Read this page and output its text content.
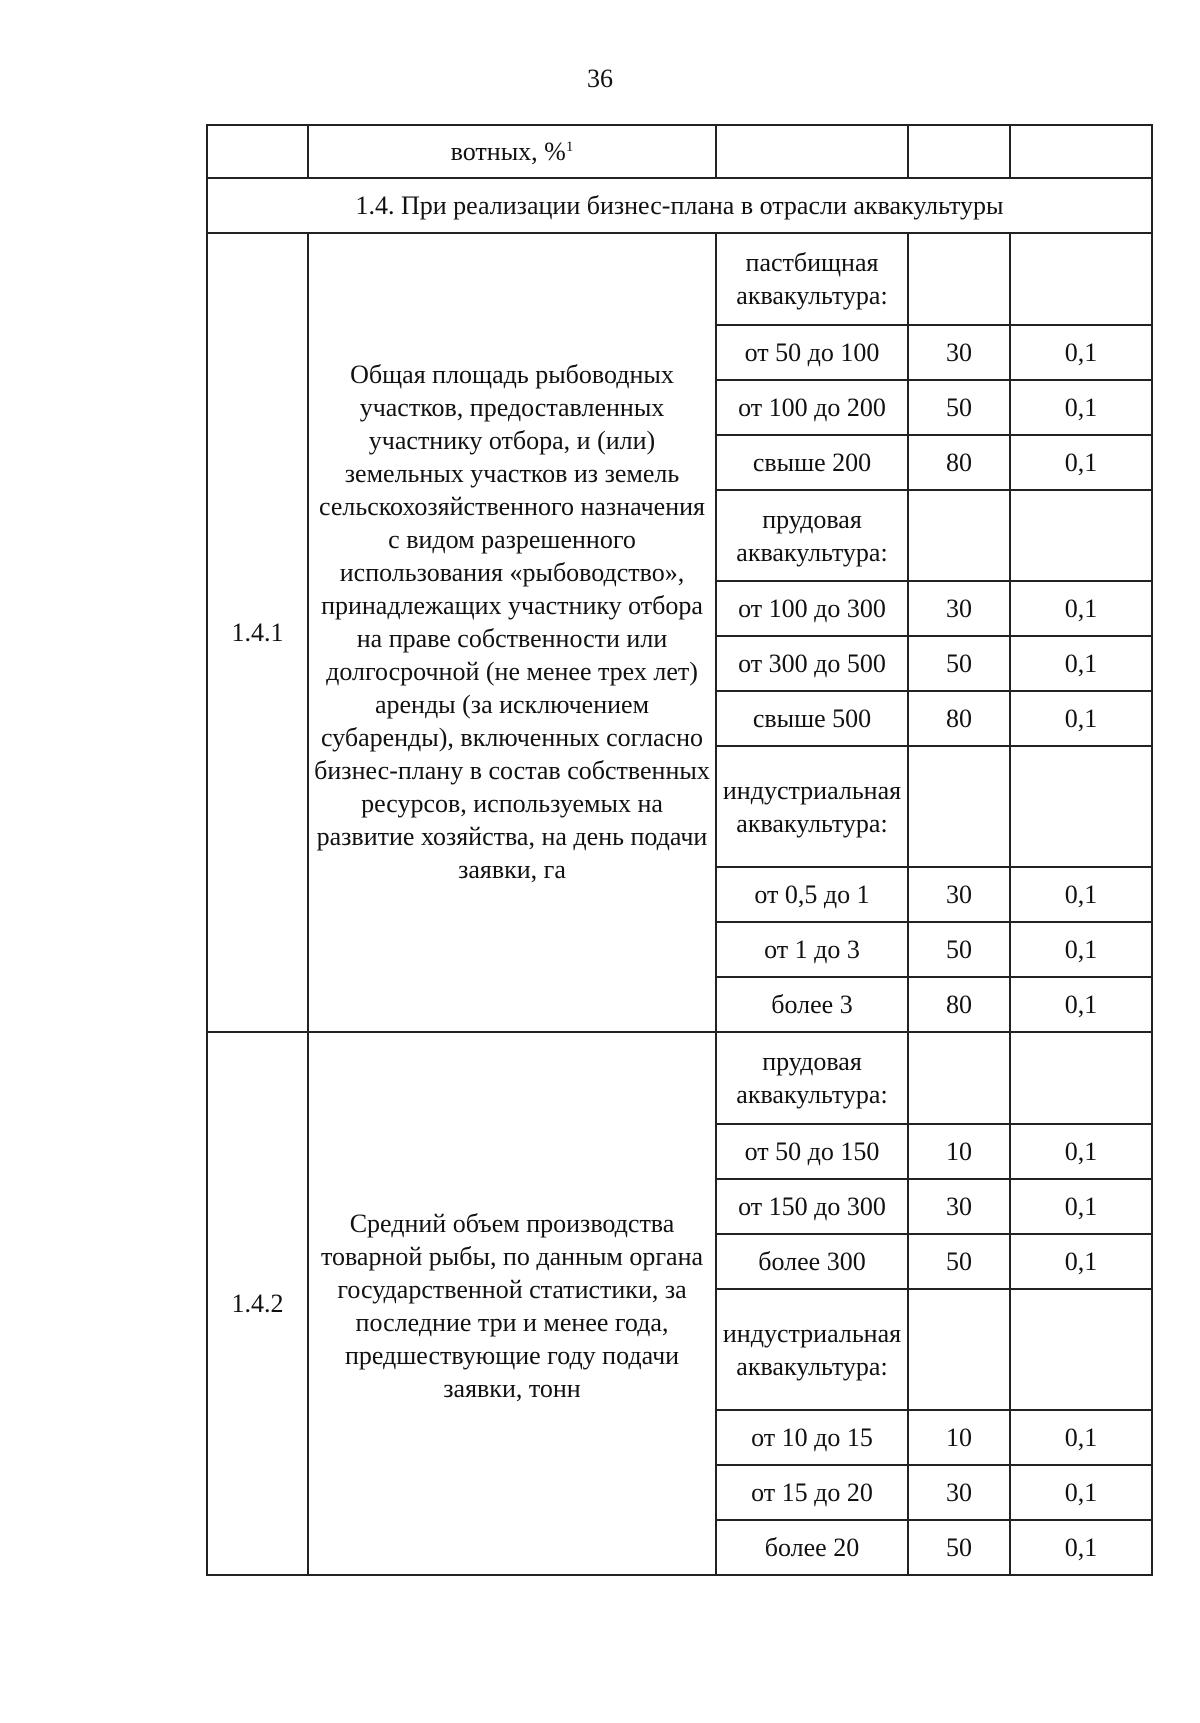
36
	вотных, %$^1$			
1.4. При реализации бизнес-плана в отрасли аквакультуры				
1.4.1	Общая площадь рыбоводных участков, предоставленных участнику отбора, и (или) земельных участков из земель сельскохозяйственного назначения с видом разрешенного использования «рыбоводство», принадлежащих участнику отбора на праве собственности или долгосрочной (не менее трех лет) аренды (за исключением субаренды), включенных согласно бизнес-плану в состав собственных ресурсов, используемых на развитие хозяйства, на день подачи заявки, га	пастбищная аквакультура:		
		от 50 до 100	30	0,1
		от 100 до 200	50	0,1
		свыше 200	80	0,1
		прудовая аквакультура:		
		от 100 до 300	30	0,1
		от 300 до 500	50	0,1
		свыше 500	80	0,1
		индустриальная аквакультура:		
		от 0,5 до 1	30	0,1
		от 1 до 3	50	0,1
		более 3	80	0,1
1.4.2	Средний объем производства товарной рыбы, по данным органа государственной статистики, за последние три и менее года, предшествующие году подачи заявки, тонн	прудовая аквакультура:		
		от 50 до 150	10	0,1
		от 150 до 300	30	0,1
		более 300	50	0,1
		индустриальная аквакультура:		
		от 10 до 15	10	0,1
		от 15 до 20	30	0,1
		более 20	50	0,1
